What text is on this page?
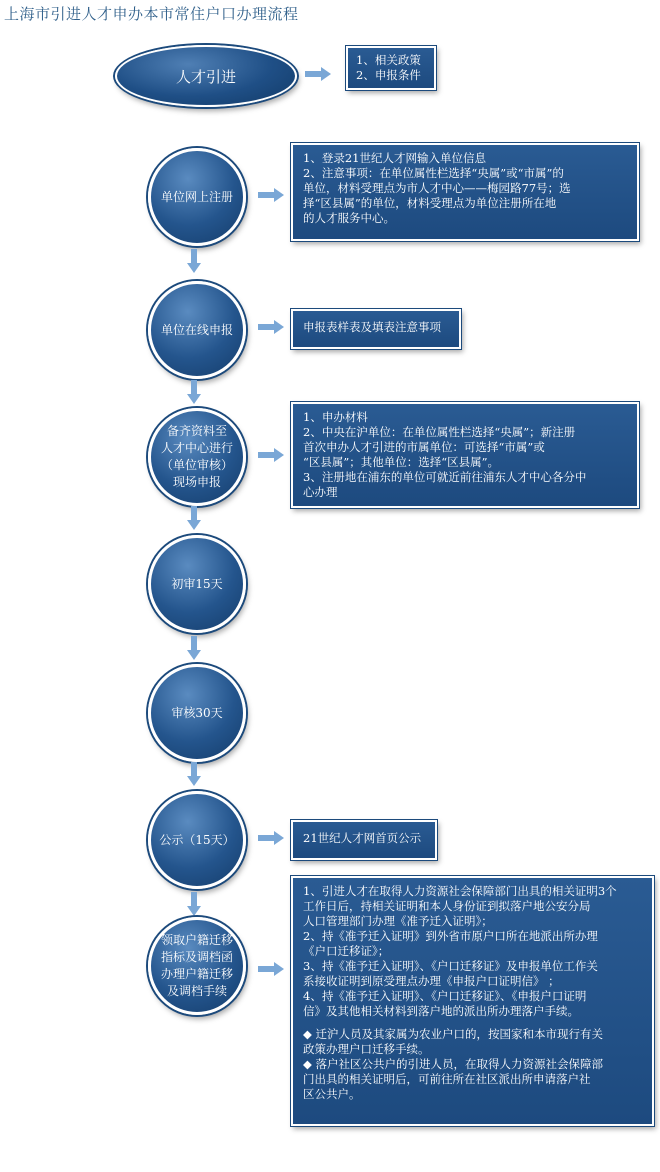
上海市引进人才申办本市常住户口办理流程
人才引进
1、相关政策
2、申报条件
单位网上注册
1、登录21世纪人才网输入单位信息
2、注意事项：在单位属性栏选择“央属”或“市属”的
单位，材料受理点为市人才中心——梅园路77号；选
择“区县属”的单位，材料受理点为单位注册所在地
的人才服务中心。
单位在线申报	申报表样表及填表注意事项
备齐资料至
人才中心进行
（单位审核）
现场申报
1、申办材料
2、中央在沪单位：在单位属性栏选择“央属”；新注册
首次申办人才引进的市属单位：可选择“市属”或
“区县属”；其他单位：选择“区县属”。
3、注册地在浦东的单位可就近前往浦东人才中心各分中
心办理
初审15天
审核30天
公示（15天）	21世纪人才网首页公示
领取户籍迁移
指标及调档函
办理户籍迁移
及调档手续
1、引进人才在取得人力资源社会保障部门出具的相关证明3个
工作日后，持相关证明和本人身份证到拟落户地公安分局
人口管理部门办理《准予迁入证明》；
2、持《准予迁入证明》到外省市原户口所在地派出所办理
《户口迁移证》；
3、持《准予迁入证明》、《户口迁移证》及申报单位工作关
系接收证明到原受理点办理《申报户口证明信》 ；
4、持《准予迁入证明》、《户口迁移证》、《申报户口证明
信》及其他相关材料到落户地的派出所办理落户手续。
◆ 迁沪人员及其家属为农业户口的，按国家和本市现行有关
政策办理户口迁移手续。
◆ 落户社区公共户的引进人员，在取得人力资源社会保障部
门出具的相关证明后，可前往所在社区派出所申请落户社
区公共户。
